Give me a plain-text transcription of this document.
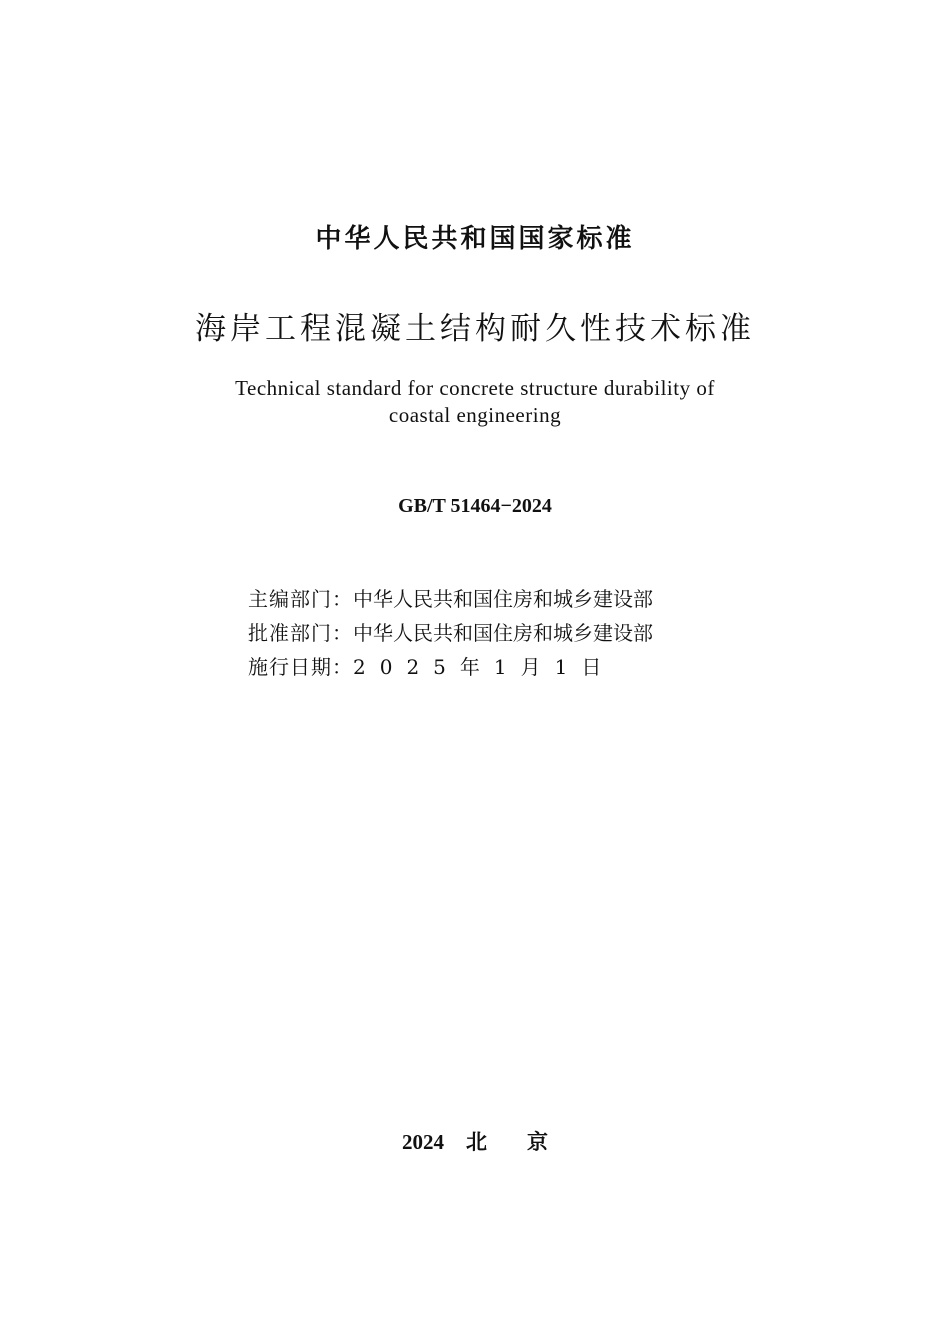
中华人民共和国国家标准
海岸工程混凝土结构耐久性技术标准
Technical standard for concrete structure durability of
coastal engineering
GB/T 51464−2024
主编部门：中华人民共和国住房和城乡建设部
批准部门：中华人民共和国住房和城乡建设部
施行日期：2025年1月1日
2024 北 京
